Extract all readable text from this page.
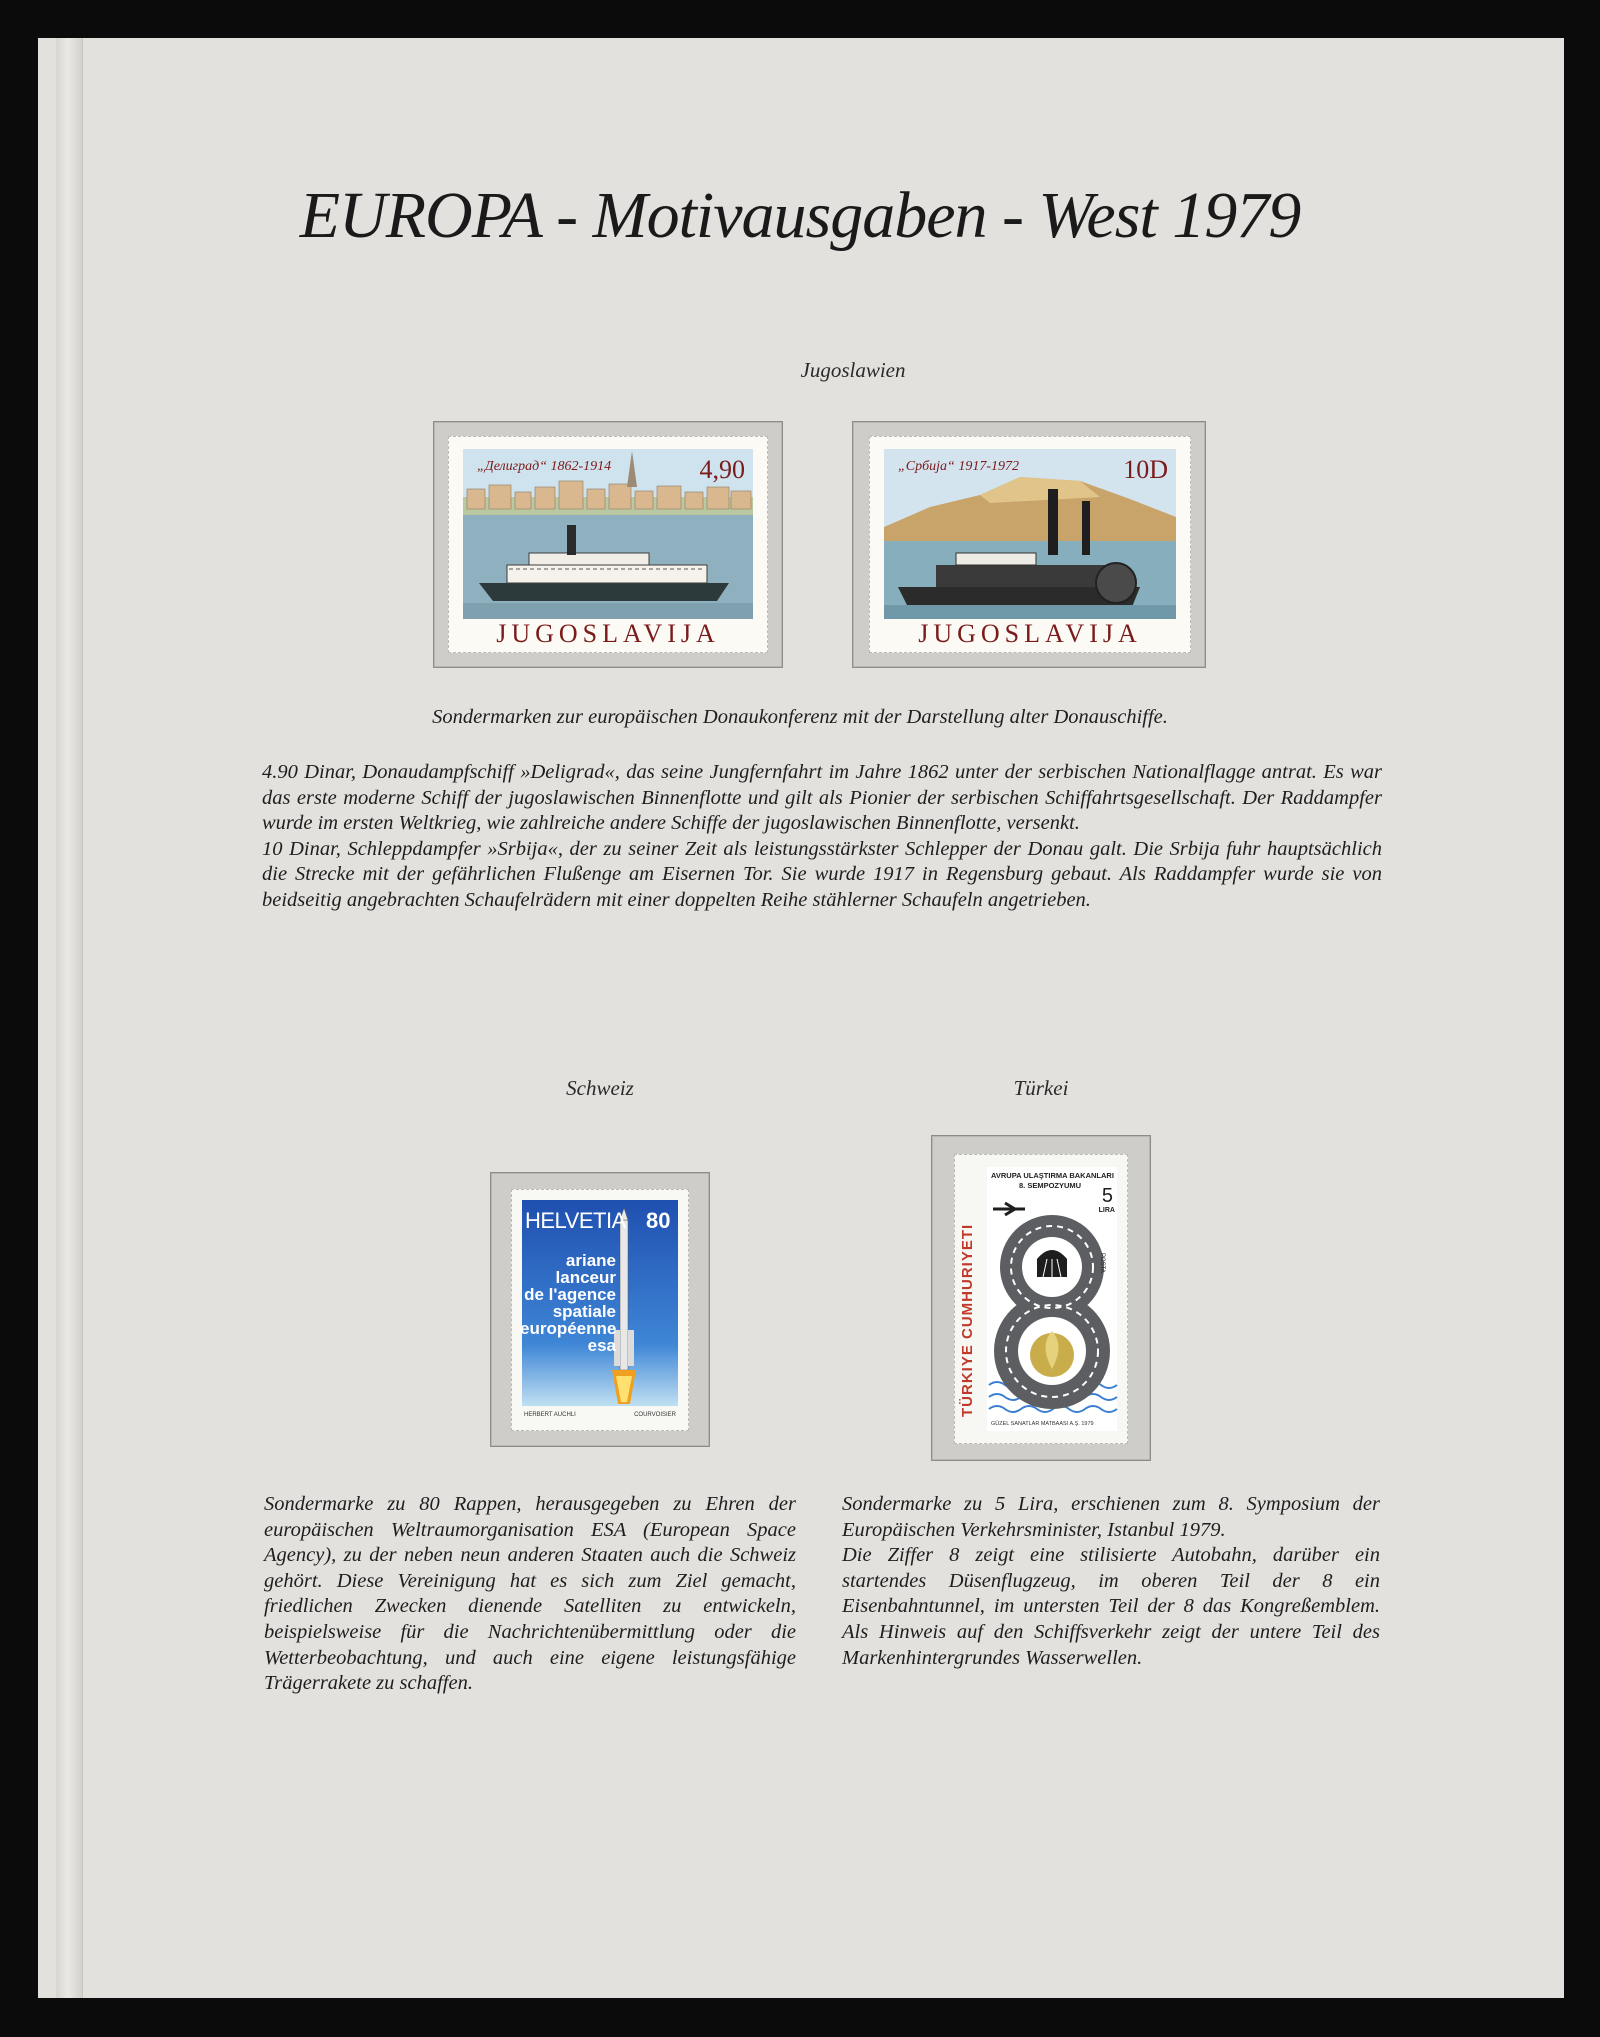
EUROPA - Motivausgaben - West 1979
Jugoslawien
„Делиград“ 1862-1914	4,90
JUGOSLAVIJA
„Србија“ 1917-1972	10D
JUGOSLAVIJA
Sondermarken zur europäischen Donaukonferenz mit der Darstellung alter Donauschiffe.

4.90 Dinar, Donaudampfschiff »Deligrad«, das seine Jungfernfahrt im Jahre 1862 unter der serbischen Nationalflagge antrat. Es war das erste moderne Schiff der jugoslawischen Binnenflotte und gilt als Pionier der serbischen Schiffahrtsgesellschaft. Der Raddampfer wurde im ersten Weltkrieg, wie zahlreiche andere Schiffe der jugoslawischen Binnenflotte, versenkt.

10 Dinar, Schleppdampfer »Srbija«, der zu seiner Zeit als leistungsstärkster Schlepper der Donau galt. Die Srbija fuhr hauptsächlich die Strecke mit der gefährlichen Flußenge am Eisernen Tor. Sie wurde 1917 in Regensburg gebaut. Als Raddampfer wurde sie von beidseitig angebrachten Schaufelrädern mit einer doppelten Reihe stählerner Schaufeln angetrieben.

Schweiz
HELVETIA 80
ariane
lanceur
de l'agence
spatiale
européenne
esa
HERBERT AUCHLI	COURVOISIER
Sondermarke zu 80 Rappen, herausgegeben zu Ehren der europäischen Weltraumorganisation ESA (European Space Agency), zu der neben neun anderen Staaten auch die Schweiz gehört. Diese Vereinigung hat es sich zum Ziel gemacht, friedlichen Zwecken dienende Satelliten zu entwickeln, beispielsweise für die Nachrichtenübermittlung oder die Wetterbeobachtung, und auch eine eigene leistungsfähige Trägerrakete zu schaffen.
Türkei
TÜRKIYE CUMHURIYETI
AVRUPA ULAŞTIRMA BAKANLARI
8. SEMPOZYUMU 5
LIRA
POSTA
GÜZEL SANATLAR MATBAASI A.Ş. 1979

Sondermarke zu 5 Lira, erschienen zum 8. Symposium der Europäischen Verkehrsminister, Istanbul 1979.

Die Ziffer 8 zeigt eine stilisierte Autobahn, darüber ein startendes Düsenflugzeug, im oberen Teil der 8 ein Eisenbahntunnel, im untersten Teil der 8 das Kongreßemblem. Als Hinweis auf den Schiffsverkehr zeigt der untere Teil des Markenhintergrundes Wasserwellen.
